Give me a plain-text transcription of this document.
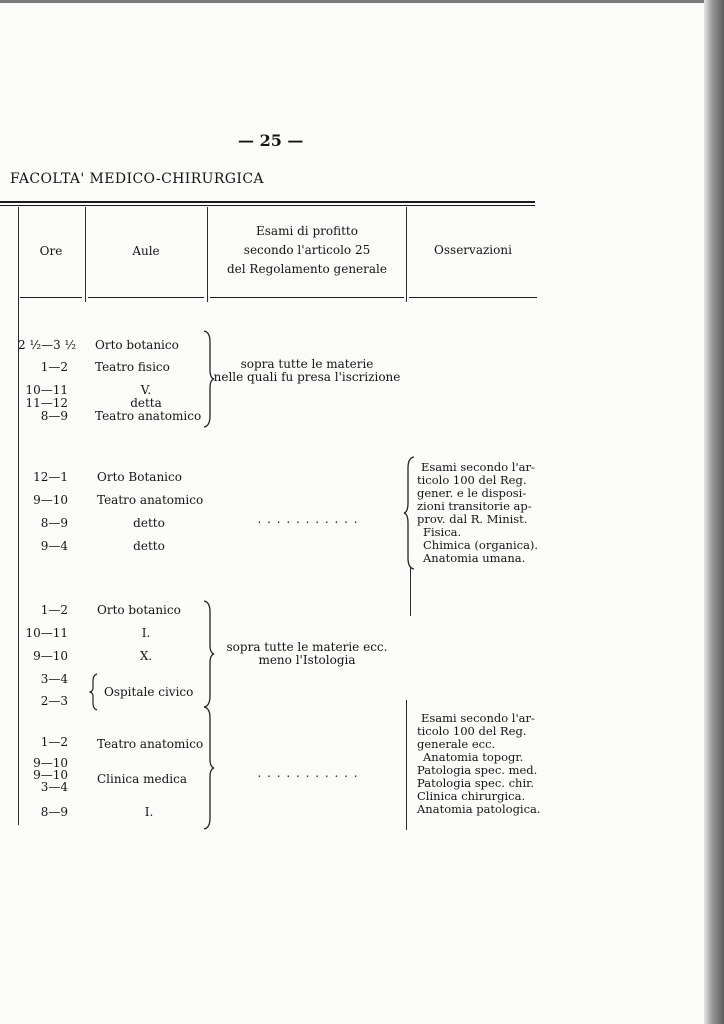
— 25 —
FACOLTA' MEDICO-CHIRURGICA
Ore	Aule
Esami di profitto
secondo l'articolo 25
del Regolamento generale
Osservazioni
2 ½—3 ½
1—2
10—11
11—12
8—9
Orto botanico
Teatro fisico
V.
detta
Teatro anatomico
sopra tutte le materie
nelle quali fu presa l'iscrizione
12—1
9—10
8—9
9—4
Orto Botanico
Teatro anatomico
detto
detto
. . . . . . . . . . .
Esami secondo l'ar-
ticolo 100 del Reg.
gener. e le disposi-
zioni transitorie ap-
prov. dal R. Minist.
Fisica.
Chimica (organica).
Anatomia umana.
1—2
10—11
9—10
3—4
2—3
Orto botanico
I.
X.
Ospitale civico
sopra tutte le materie ecc.
meno l'Istologia
1—2
9—10
9—10
3—4
8—9
Teatro anatomico
Clinica medica
I.
. . . . . . . . . . .
Esami secondo l'ar-
ticolo 100 del Reg.
generale ecc.
Anatomia topogr.
Patologia spec. med.
Patologia spec. chir.
Clinica chirurgica.
Anatomia patologica.
